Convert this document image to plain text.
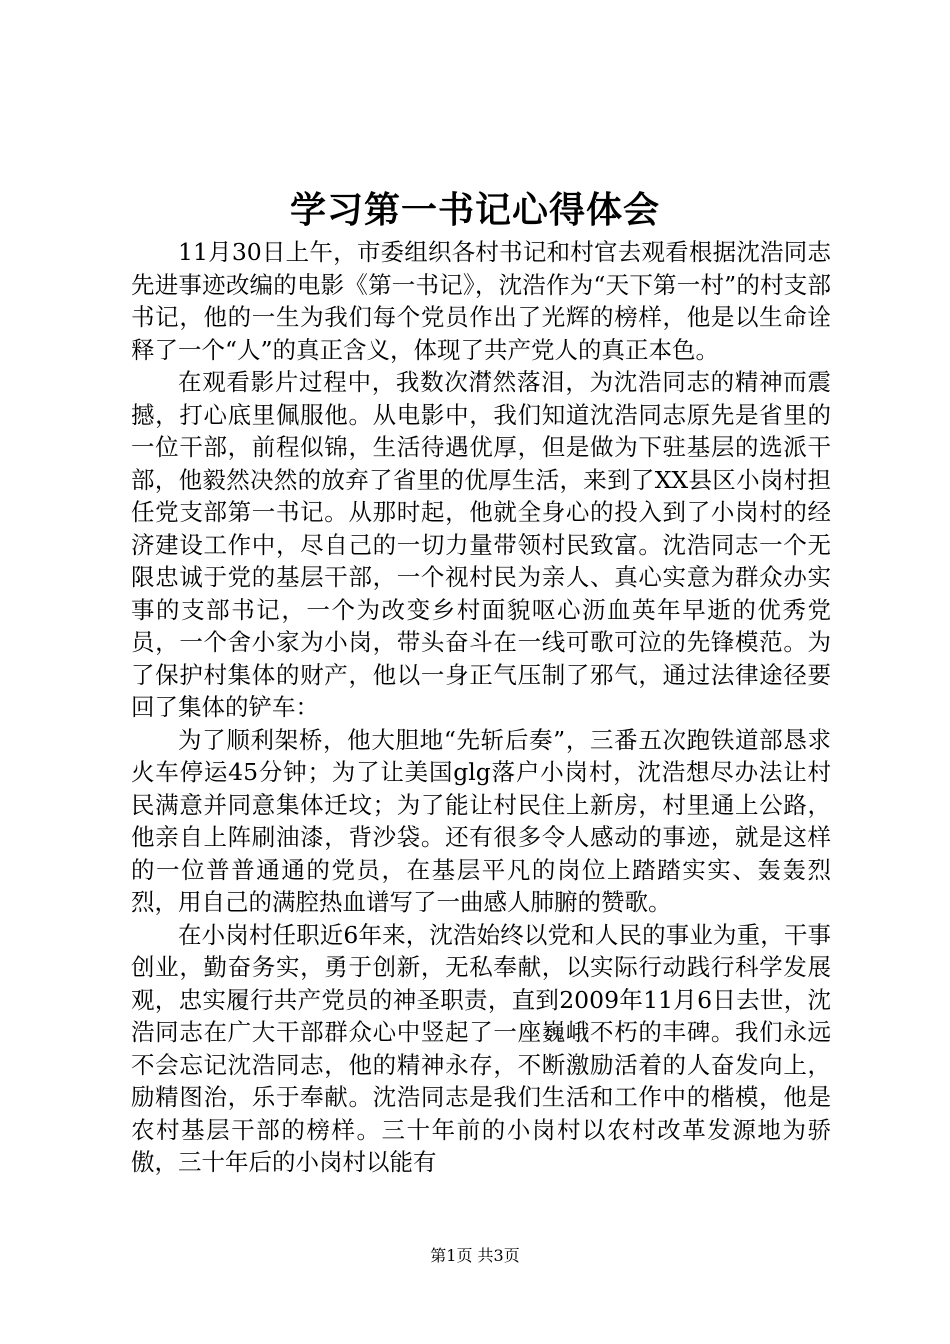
学习第一书记心得体会

11月30日上午，市委组织各村书记和村官去观看根据沈浩同志先进事迹改编的电影《第一书记》，沈浩作为“天下第一村”的村支部书记，他的一生为我们每个党员作出了光辉的榜样，他是以生命诠释了一个“人”的真正含义，体现了共产党人的真正本色。

在观看影片过程中，我数次潸然落泪，为沈浩同志的精神而震撼，打心底里佩服他。从电影中，我们知道沈浩同志原先是省里的一位干部，前程似锦，生活待遇优厚，但是做为下驻基层的选派干部，他毅然决然的放弃了省里的优厚生活，来到了XX县区小岗村担任党支部第一书记。从那时起，他就全身心的投入到了小岗村的经济建设工作中，尽自己的一切力量带领村民致富。沈浩同志一个无限忠诚于党的基层干部，一个视村民为亲人、真心实意为群众办实事的支部书记，一个为改变乡村面貌呕心沥血英年早逝的优秀党员，一个舍小家为小岗，带头奋斗在一线可歌可泣的先锋模范。为了保护村集体的财产，他以一身正气压制了邪气，通过法律途径要回了集体的铲车：

为了顺利架桥，他大胆地“先斩后奏”，三番五次跑铁道部恳求火车停运45分钟；为了让美国glg落户小岗村，沈浩想尽办法让村民满意并同意集体迁坟；为了能让村民住上新房，村里通上公路，他亲自上阵刷油漆，背沙袋。还有很多令人感动的事迹，就是这样的一位普普通通的党员，在基层平凡的岗位上踏踏实实、轰轰烈烈，用自己的满腔热血谱写了一曲感人肺腑的赞歌。

在小岗村任职近6年来，沈浩始终以党和人民的事业为重，干事创业，勤奋务实，勇于创新，无私奉献，以实际行动践行科学发展观，忠实履行共产党员的神圣职责，直到2009年11月6日去世，沈浩同志在广大干部群众心中竖起了一座巍峨不朽的丰碑。我们永远不会忘记沈浩同志，他的精神永存，不断激励活着的人奋发向上，励精图治，乐于奉献。沈浩同志是我们生活和工作中的楷模，他是农村基层干部的榜样。三十年前的小岗村以农村改革发源地为骄傲，三十年后的小岗村以能有

第1页 共3页
